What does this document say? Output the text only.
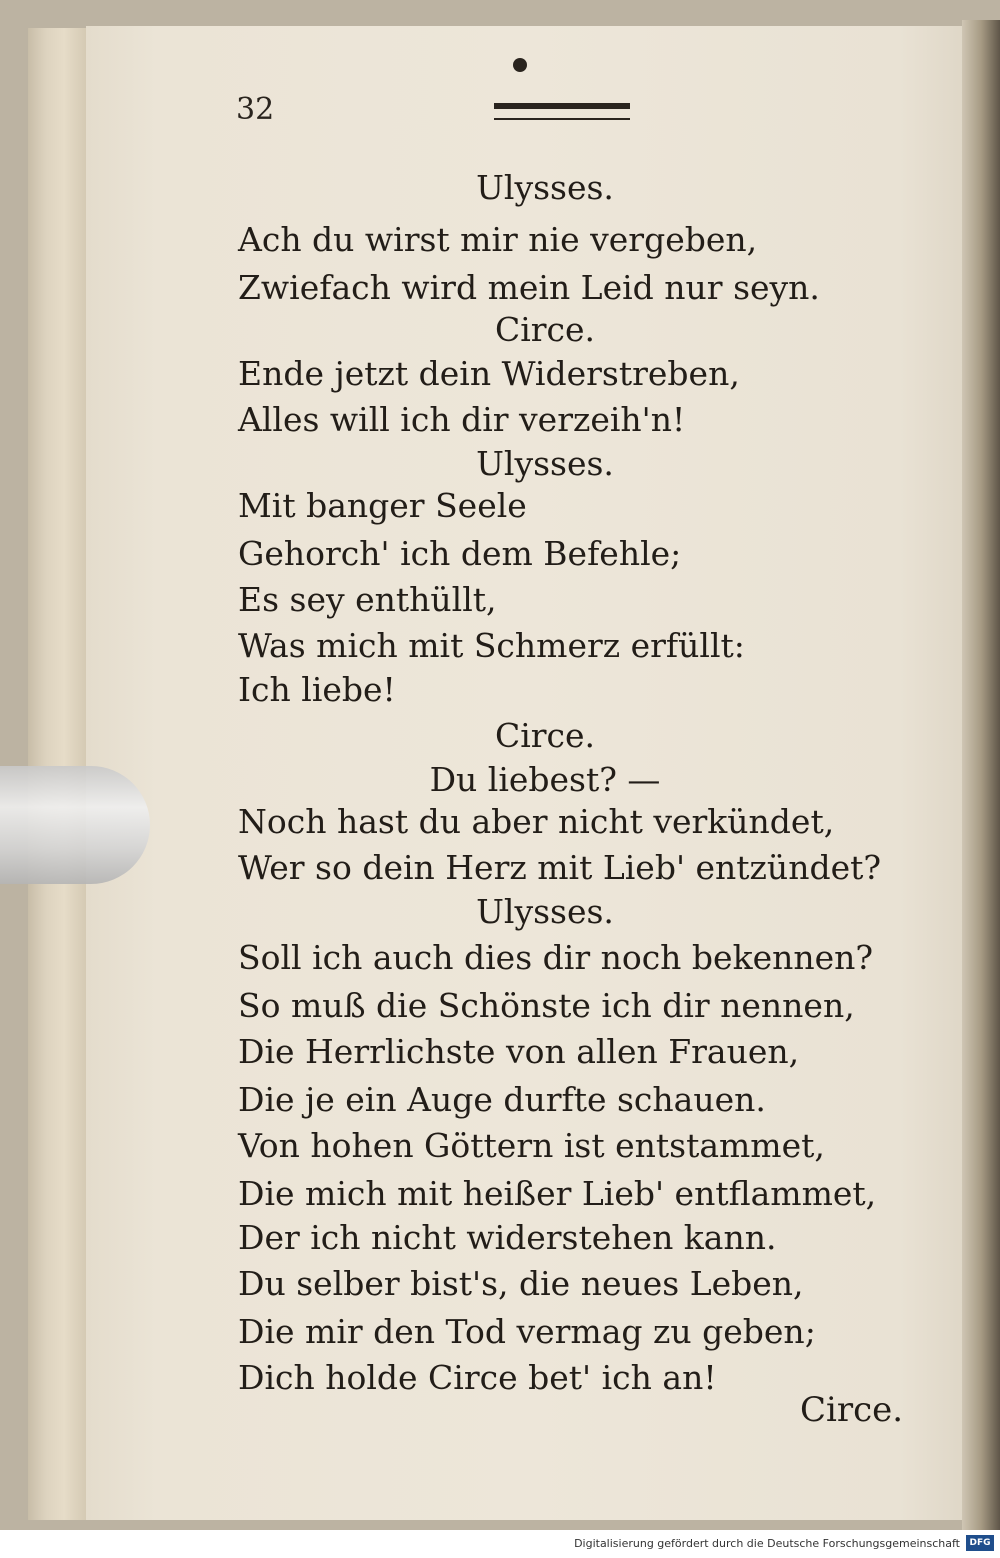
32
Ulysses.
Ach du wirst mir nie vergeben,
Zwiefach wird mein Leid nur seyn.
Circe.
Ende jetzt dein Widerstreben,
Alles will ich dir verzeih'n!
Ulysses.
Mit banger Seele
Gehorch' ich dem Befehle;
Es sey enthüllt,
Was mich mit Schmerz erfüllt:
Ich liebe!
Circe.
Du liebest? —
Noch hast du aber nicht verkündet,
Wer so dein Herz mit Lieb' entzündet?
Ulysses.
Soll ich auch dies dir noch bekennen?
So muß die Schönste ich dir nennen,
Die Herrlichste von allen Frauen,
Die je ein Auge durfte schauen.
Von hohen Göttern ist entstammet,
Die mich mit heißer Lieb' entflammet,
Der ich nicht widerstehen kann.
Du selber bist's, die neues Leben,
Die mir den Tod vermag zu geben;
Dich holde Circe bet' ich an!
Circe.
Digitalisierung gefördert durch die Deutsche Forschungsgemeinschaft	DFG
